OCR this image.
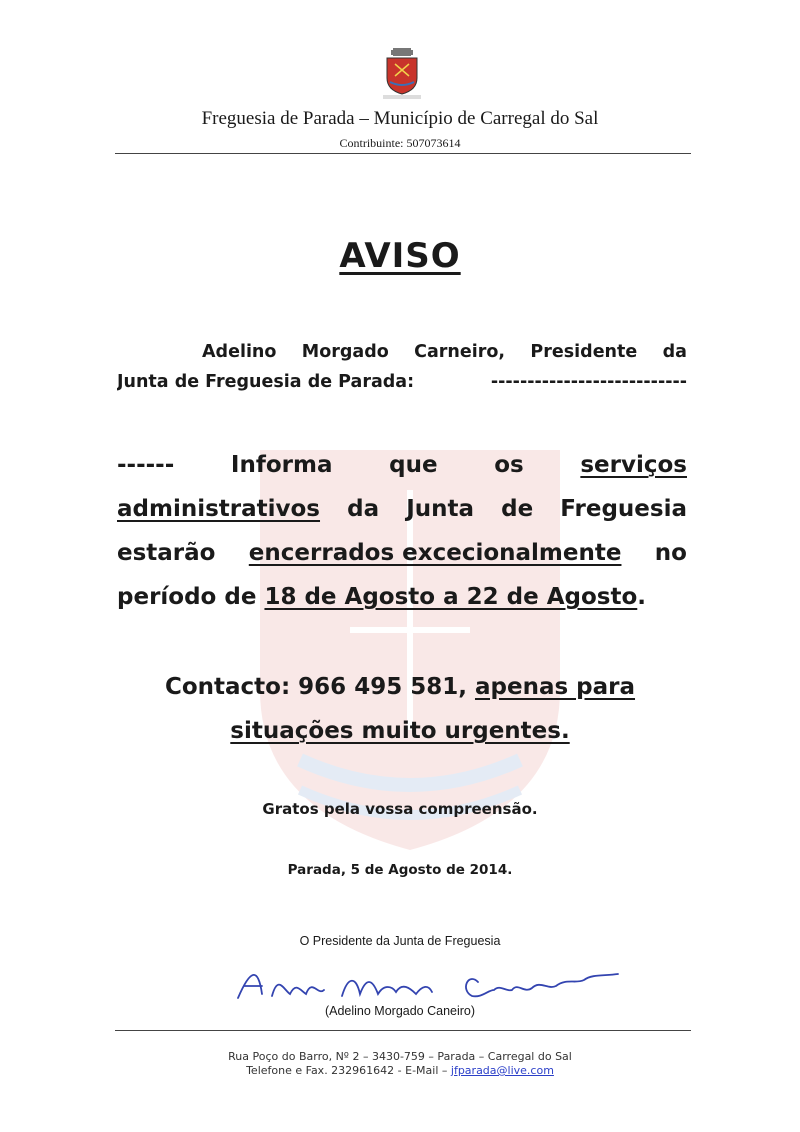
Freguesia de Parada – Município de Carregal do Sal
Contribuinte: 507073614
AVISO
Adelino Morgado Carneiro, Presidente da
Junta de Freguesia de Parada:	---------------------------
------ Informa que os serviços
administrativos da Junta de Freguesia
estarão encerrados excecionalmente no
período de 18 de Agosto a 22 de Agosto.
Contacto: 966 495 581, apenas para
situações muito urgentes.
Gratos pela vossa compreensão.
Parada, 5 de Agosto de 2014.
O Presidente da Junta de Freguesia
(Adelino Morgado Caneiro)
Rua Poço do Barro, Nº 2 – 3430-759 – Parada – Carregal do Sal
Telefone e Fax. 232961642 - E-Mail – jfparada@live.com
